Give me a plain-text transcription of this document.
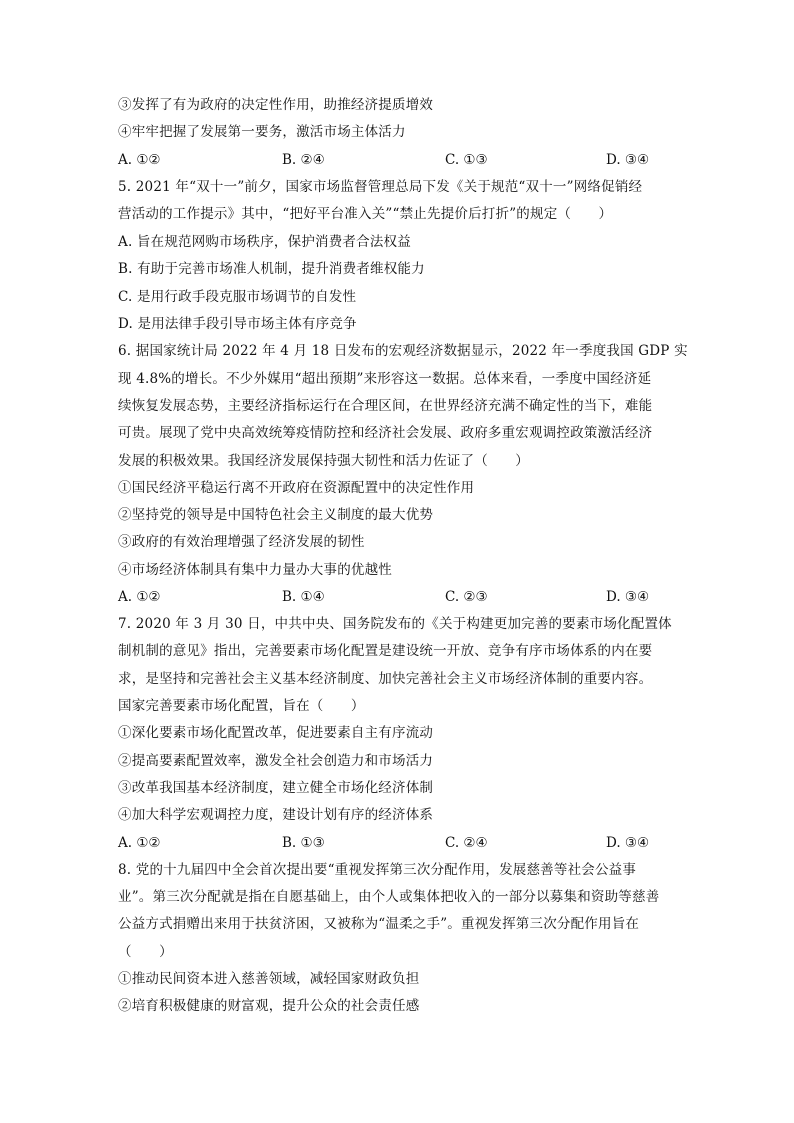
③发挥了有为政府的决定性作用，助推经济提质增效
④牢牢把握了发展第一要务，激活市场主体活力
A. ①②	B. ②④	C. ①③	D. ③④
5. 2021 年“双十一”前夕，国家市场监督管理总局下发《关于规范“双十一”网络促销经
营活动的工作提示》其中，“把好平台准入关”“禁止先提价后打折”的规定（　　）
A. 旨在规范网购市场秩序，保护消费者合法权益
B. 有助于完善市场准人机制，提升消费者维权能力
C. 是用行政手段克服市场调节的自发性
D. 是用法律手段引导市场主体有序竞争
6. 据国家统计局 2022 年 4 月 18 日发布的宏观经济数据显示，2022 年一季度我国 GDP 实
现 4.8%的增长。不少外媒用“超出预期”来形容这一数据。总体来看，一季度中国经济延
续恢复发展态势，主要经济指标运行在合理区间，在世界经济充满不确定性的当下，难能
可贵。展现了党中央高效统筹疫情防控和经济社会发展、政府多重宏观调控政策激活经济
发展的积极效果。我国经济发展保持强大韧性和活力佐证了（　　）
①国民经济平稳运行离不开政府在资源配置中的决定性作用
②坚持党的领导是中国特色社会主义制度的最大优势
③政府的有效治理增强了经济发展的韧性
④市场经济体制具有集中力量办大事的优越性
A. ①②	B. ①④	C. ②③	D. ③④
7. 2020 年 3 月 30 日，中共中央、国务院发布的《关于构建更加完善的要素市场化配置体
制机制的意见》指出，完善要素市场化配置是建设统一开放、竞争有序市场体系的内在要
求，是坚持和完善社会主义基本经济制度、加快完善社会主义市场经济体制的重要内容。
国家完善要素市场化配置，旨在（　　）
①深化要素市场化配置改革，促进要素自主有序流动
②提高要素配置效率，激发全社会创造力和市场活力
③改革我国基本经济制度，建立健全市场化经济体制
④加大科学宏观调控力度，建设计划有序的经济体系
A. ①②	B. ①③	C. ②④	D. ③④
8. 党的十九届四中全会首次提出要“重视发挥第三次分配作用，发展慈善等社会公益事
业”。第三次分配就是指在自愿基础上，由个人或集体把收入的一部分以募集和资助等慈善
公益方式捐赠出来用于扶贫济困，又被称为“温柔之手”。重视发挥第三次分配作用旨在
（　　）
①推动民间资本进入慈善领域，减轻国家财政负担
②培育积极健康的财富观，提升公众的社会责任感
